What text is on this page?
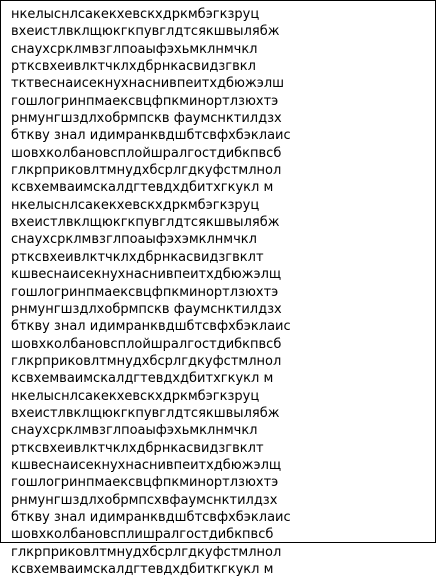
нкелыснлсакекхевскхдркмбэгкзруц
вхеистлвклщюкгкпувглдтсякшвылябж
снаухсрклмвзглпоаыфэхьмклнмчкл
ртксвхеивлктчклхдбрнкасвидзгвкл
тктвеснаисекнухнаснивпеитхдбюжэлш
гошлогринпмаексвцфпкминортлзюхтэ
рнмунгшздлхобрмпскв фаумснктилдзх
бткву знал идимранквдшбтсвфхбэклаис
шовхколбановсплойшралгостдибкпвсб
глкрприковлтмнудхбсрлгдкуфстмлнол
ксвхемваимскалдгтевдхдбитхгкукл м
нкелыснлсакекхевскхдркмбэгкзруц
вхеистлвклщюкгкпувглдтсякшвылябж
снаухсрклмвзглпоаыфэхэмклнмчкл
ртксвхеивлктчклхдбрнкасвидзгвклт
кшвеснаисекнухнаснивпеитхдбюжэлщ
гошлогринпмаексвцфпкминортлзюхтэ
рнмунгшздлхобрмпскв фаумснктилдзх
бткву знал идимранквдшбтсвфхбэклаис
шовхколбановсплойшралгостдибкпвсб
глкрприковлтмнудхбсрлгдкуфстмлнол
ксвхемваимскалдгтевдхдбитхгкукл м
нкелыснлсакекхевскхдркмбэгкзруц
вхеистлвклщюкгкпувглдтсякшвылябж
снаухсрклмвзглпоаыфэхьмклнмчкл
ртксвхеивлктчклхдбрнкасвидзгвклт
кшвеснаисекнухнаснивпеитхдбюжэлщ
гошлогринпмаексвцфпкминортлзюхтэ
рнмунгшздлхобрмпсхвфаумснктилдзх
бткву знал идимранквдшбтсвфхбэклаис
шовхколбановсплишралгостдибкпвсб
глкрприковлтмнудхбсрлгдкуфстмлнол
ксвхемваимскалдгтевдхдбиткгкукл м
